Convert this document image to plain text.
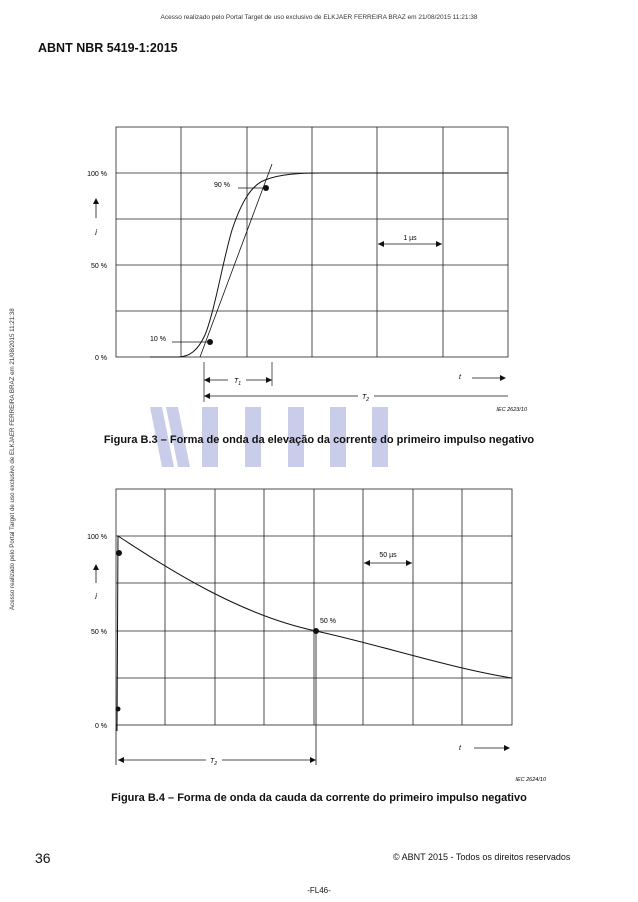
Acesso realizado pelo Portal Target de uso exclusivo de ELKJAER FERREIRA BRAZ em 21/08/2015 11:21:38
Acesso realizado pelo Portal Target de uso exclusivo de ELKJAER FERREIRA BRAZ em 21/08/2015 11:21:38
ABNT NBR 5419-1:2015
100 %
50 %
0 %
10 %
90 %
i
1 µs
$T_1$
$T_2$
t
IEC 2623/10
Figura B.3 – Forma de onda da elevação da corrente do primeiro impulso negativo
100 %
50 %
0 %
50 %
i
50 µs
$T_2$
t
IEC 2624/10
Figura B.4 – Forma de onda da cauda da corrente do primeiro impulso negativo
36	© ABNT 2015 - Todos os direitos reservados
-FL46-
